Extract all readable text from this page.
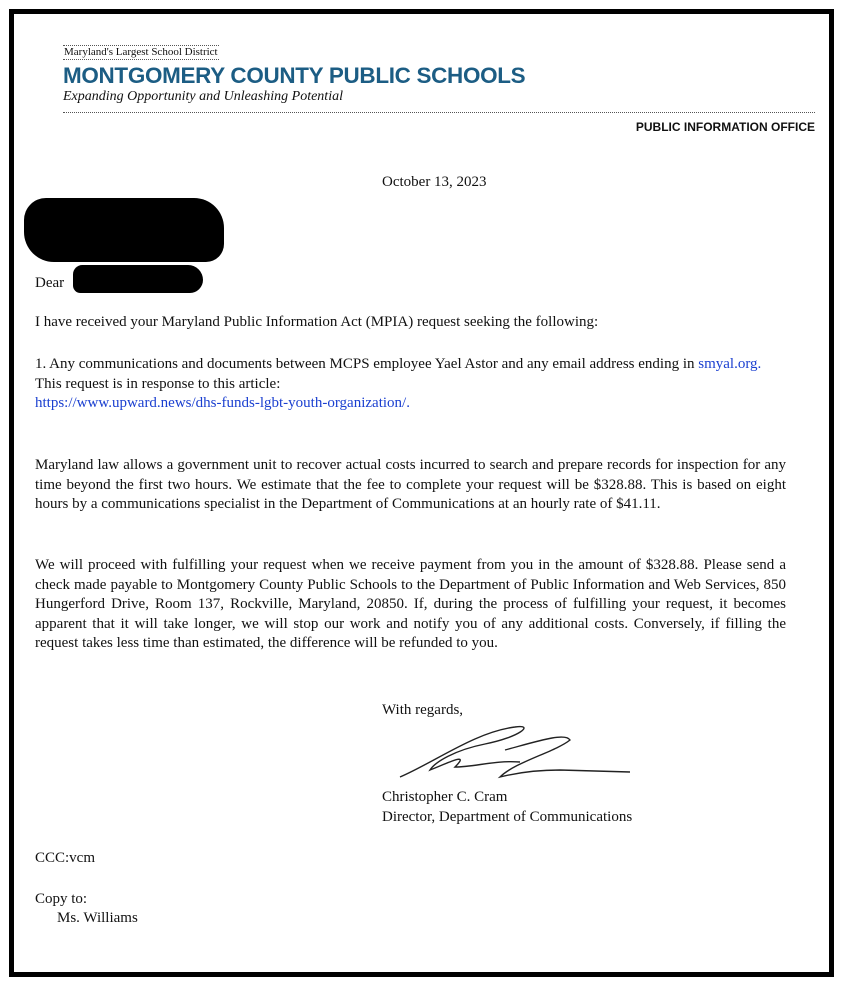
Maryland's Largest School District
MONTGOMERY COUNTY PUBLIC SCHOOLS
Expanding Opportunity and Unleashing Potential
PUBLIC INFORMATION OFFICE
October 13, 2023
Dear
I have received your Maryland Public Information Act (MPIA) request seeking the following:
1. Any communications and documents between MCPS employee Yael Astor and any email address ending in smyal.org.
This request is in response to this article:
https://www.upward.news/dhs-funds-lgbt-youth-organization/.
Maryland law allows a government unit to recover actual costs incurred to search and prepare records for inspection for any time beyond the first two hours. We estimate that the fee to complete your request will be $328.88. This is based on eight hours by a communications specialist in the Department of Communications at an hourly rate of $41.11.
We will proceed with fulfilling your request when we receive payment from you in the amount of $328.88. Please send a check made payable to Montgomery County Public Schools to the Department of Public Information and Web Services, 850 Hungerford Drive, Room 137, Rockville, Maryland, 20850. If, during the process of fulfilling your request, it becomes apparent that it will take longer, we will stop our work and notify you of any additional costs. Conversely, if filling the request takes less time than estimated, the difference will be refunded to you.
With regards,
Christopher C. Cram
Director, Department of Communications
CCC:vcm
Copy to:
Ms. Williams
